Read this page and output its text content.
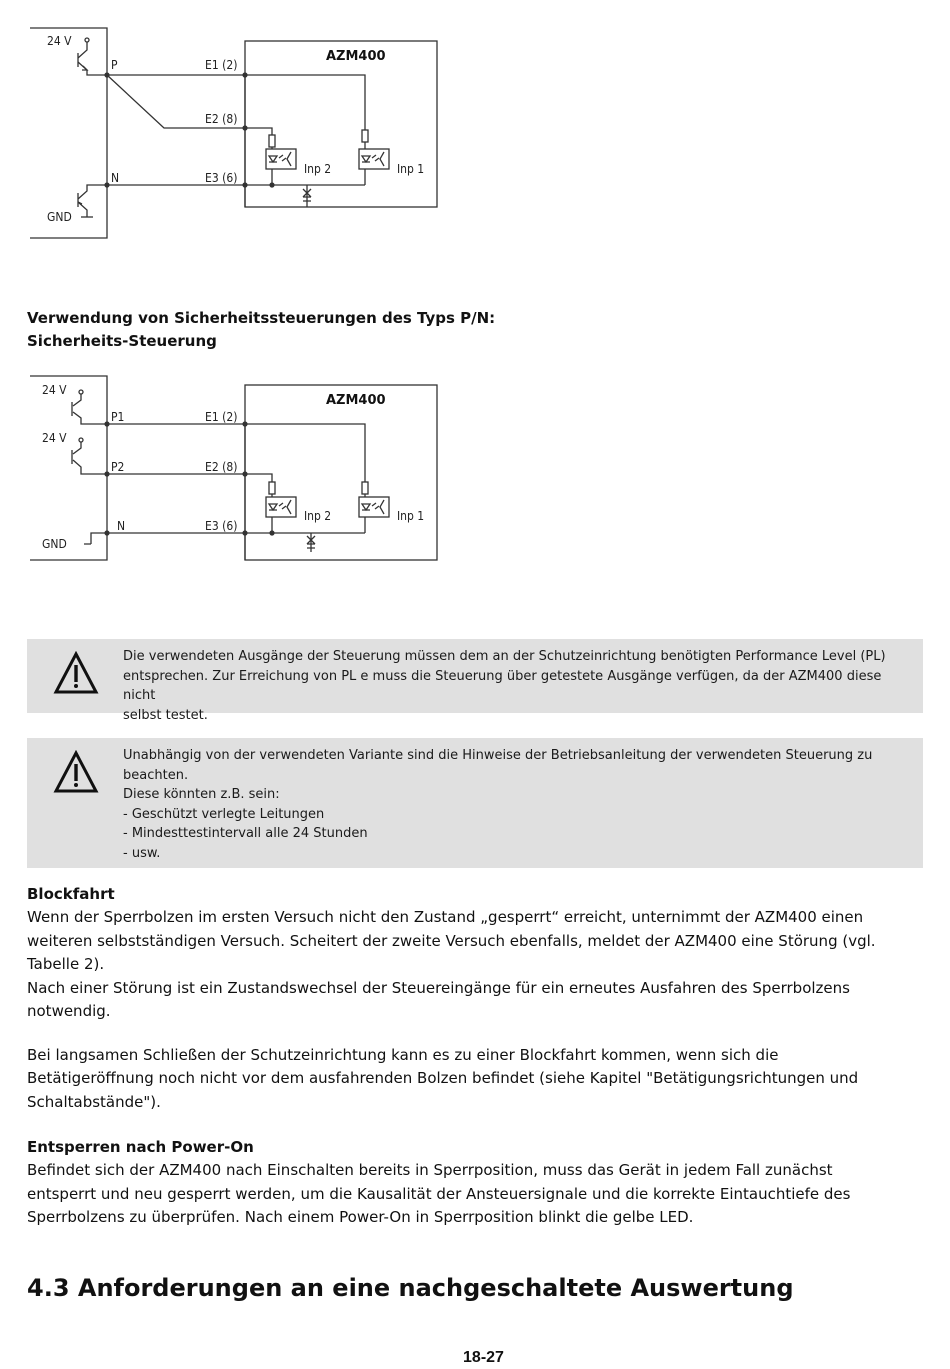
24 V
GND
P
N
E1 (2)
E2 (8)
E3 (6)
AZM400
Inp 2	Inp 1
Verwendung von Sicherheitssteuerungen des Typs P/N:
Sicherheits-Steuerung
24 V
24 V
GND
P1
P2
N
E1 (2)
E2 (8)
E3 (6)
AZM400
Inp 2	Inp 1
Die verwendeten Ausgänge der Steuerung müssen dem an der Schutzeinrichtung benötigten Performance Level (PL)
entsprechen. Zur Erreichung von PL e muss die Steuerung über getestete Ausgänge verfügen, da der AZM400 diese nicht
selbst testet.
Unabhängig von der verwendeten Variante sind die Hinweise der Betriebsanleitung der verwendeten Steuerung zu
beachten.
Diese könnten z.B. sein:
- Geschützt verlegte Leitungen
- Mindesttestintervall alle 24 Stunden
- usw.
Blockfahrt
Wenn der Sperrbolzen im ersten Versuch nicht den Zustand „gesperrt“ erreicht, unternimmt der AZM400 einen
weiteren selbstständigen Versuch. Scheitert der zweite Versuch ebenfalls, meldet der AZM400 eine Störung (vgl.
Tabelle 2).
Nach einer Störung ist ein Zustandswechsel der Steuereingänge für ein erneutes Ausfahren des Sperrbolzens
notwendig.
Bei langsamen Schließen der Schutzeinrichtung kann es zu einer Blockfahrt kommen, wenn sich die
Betätigeröffnung noch nicht vor dem ausfahrenden Bolzen befindet (siehe Kapitel "Betätigungsrichtungen und
Schaltabstände").
Entsperren nach Power-On
Befindet sich der AZM400 nach Einschalten bereits in Sperrposition, muss das Gerät in jedem Fall zunächst
entsperrt und neu gesperrt werden, um die Kausalität der Ansteuersignale und die korrekte Eintauchtiefe des
Sperrbolzens zu überprüfen. Nach einem Power-On in Sperrposition blinkt die gelbe LED.
4.3 Anforderungen an eine nachgeschaltete Auswertung
18-27
